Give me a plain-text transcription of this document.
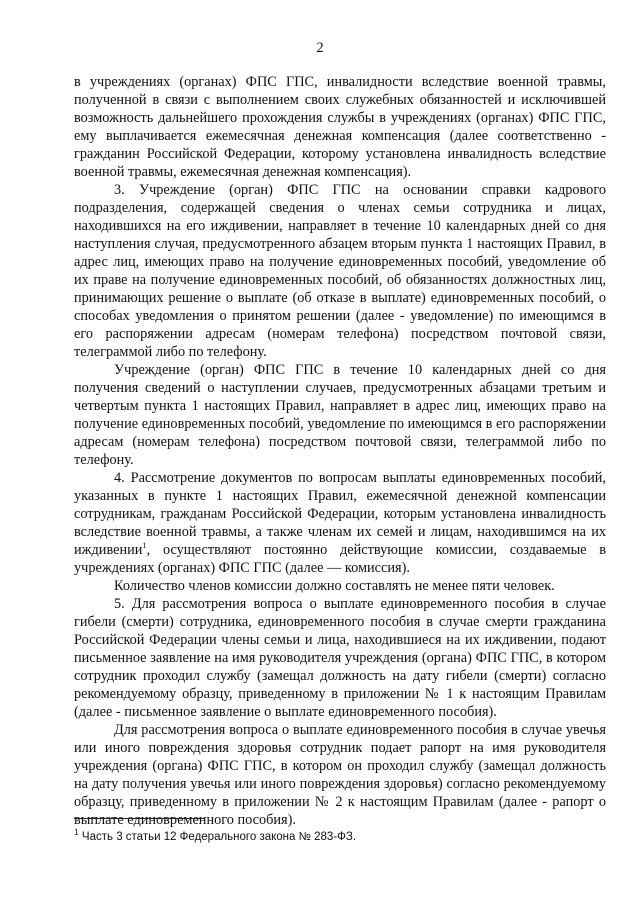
2

в учреждениях (органах) ФПС ГПС, инвалидности вследствие военной травмы, полученной в связи с выполнением своих служебных обязанностей и исключившей возможность дальнейшего прохождения службы в учреждениях (органах) ФПС ГПС, ему выплачивается ежемесячная денежная компенсация (далее соответственно - гражданин Российской Федерации, которому установлена инвалидность вследствие военной травмы, ежемесячная денежная компенсация).

3. Учреждение (орган) ФПС ГПС на основании справки кадрового подразделения, содержащей сведения о членах семьи сотрудника и лицах, находившихся на его иждивении, направляет в течение 10 календарных дней со дня наступления случая, предусмотренного абзацем вторым пункта 1 настоящих Правил, в адрес лиц, имеющих право на получение единовременных пособий, уведомление об их праве на получение единовременных пособий, об обязанностях должностных лиц, принимающих решение о выплате (об отказе в выплате) единовременных пособий, о способах уведомления о принятом решении (далее - уведомление) по имеющимся в его распоряжении адресам (номерам телефона) посредством почтовой связи, телеграммой либо по телефону.

Учреждение (орган) ФПС ГПС в течение 10 календарных дней со дня получения сведений о наступлении случаев, предусмотренных абзацами третьим и четвертым пункта 1 настоящих Правил, направляет в адрес лиц, имеющих право на получение единовременных пособий, уведомление по имеющимся в его распоряжении адресам (номерам телефона) посредством почтовой связи, телеграммой либо по телефону.

4. Рассмотрение документов по вопросам выплаты единовременных пособий, указанных в пункте 1 настоящих Правил, ежемесячной денежной компенсации сотрудникам, гражданам Российской Федерации, которым установлена инвалидность вследствие военной травмы, а также членам их семей и лицам, находившимся на их иждивении$^1$, осуществляют постоянно действующие комиссии, создаваемые в учреждениях (органах) ФПС ГПС (далее — комиссия).

Количество членов комиссии должно составлять не менее пяти человек.

5. Для рассмотрения вопроса о выплате единовременного пособия в случае гибели (смерти) сотрудника, единовременного пособия в случае смерти гражданина Российской Федерации члены семьи и лица, находившиеся на их иждивении, подают письменное заявление на имя руководителя учреждения (органа) ФПС ГПС, в котором сотрудник проходил службу (замещал должность на дату гибели (смерти) согласно рекомендуемому образцу, приведенному в приложении № 1 к настоящим Правилам (далее - письменное заявление о выплате единовременного пособия).

Для рассмотрения вопроса о выплате единовременного пособия в случае увечья или иного повреждения здоровья сотрудник подает рапорт на имя руководителя учреждения (органа) ФПС ГПС, в котором он проходил службу (замещал должность на дату получения увечья или иного повреждения здоровья) согласно рекомендуемому образцу, приведенному в приложении № 2 к настоящим Правилам (далее - рапорт о выплате единовременного пособия).

$^1$ Часть 3 статьи 12 Федерального закона № 283-ФЗ.
